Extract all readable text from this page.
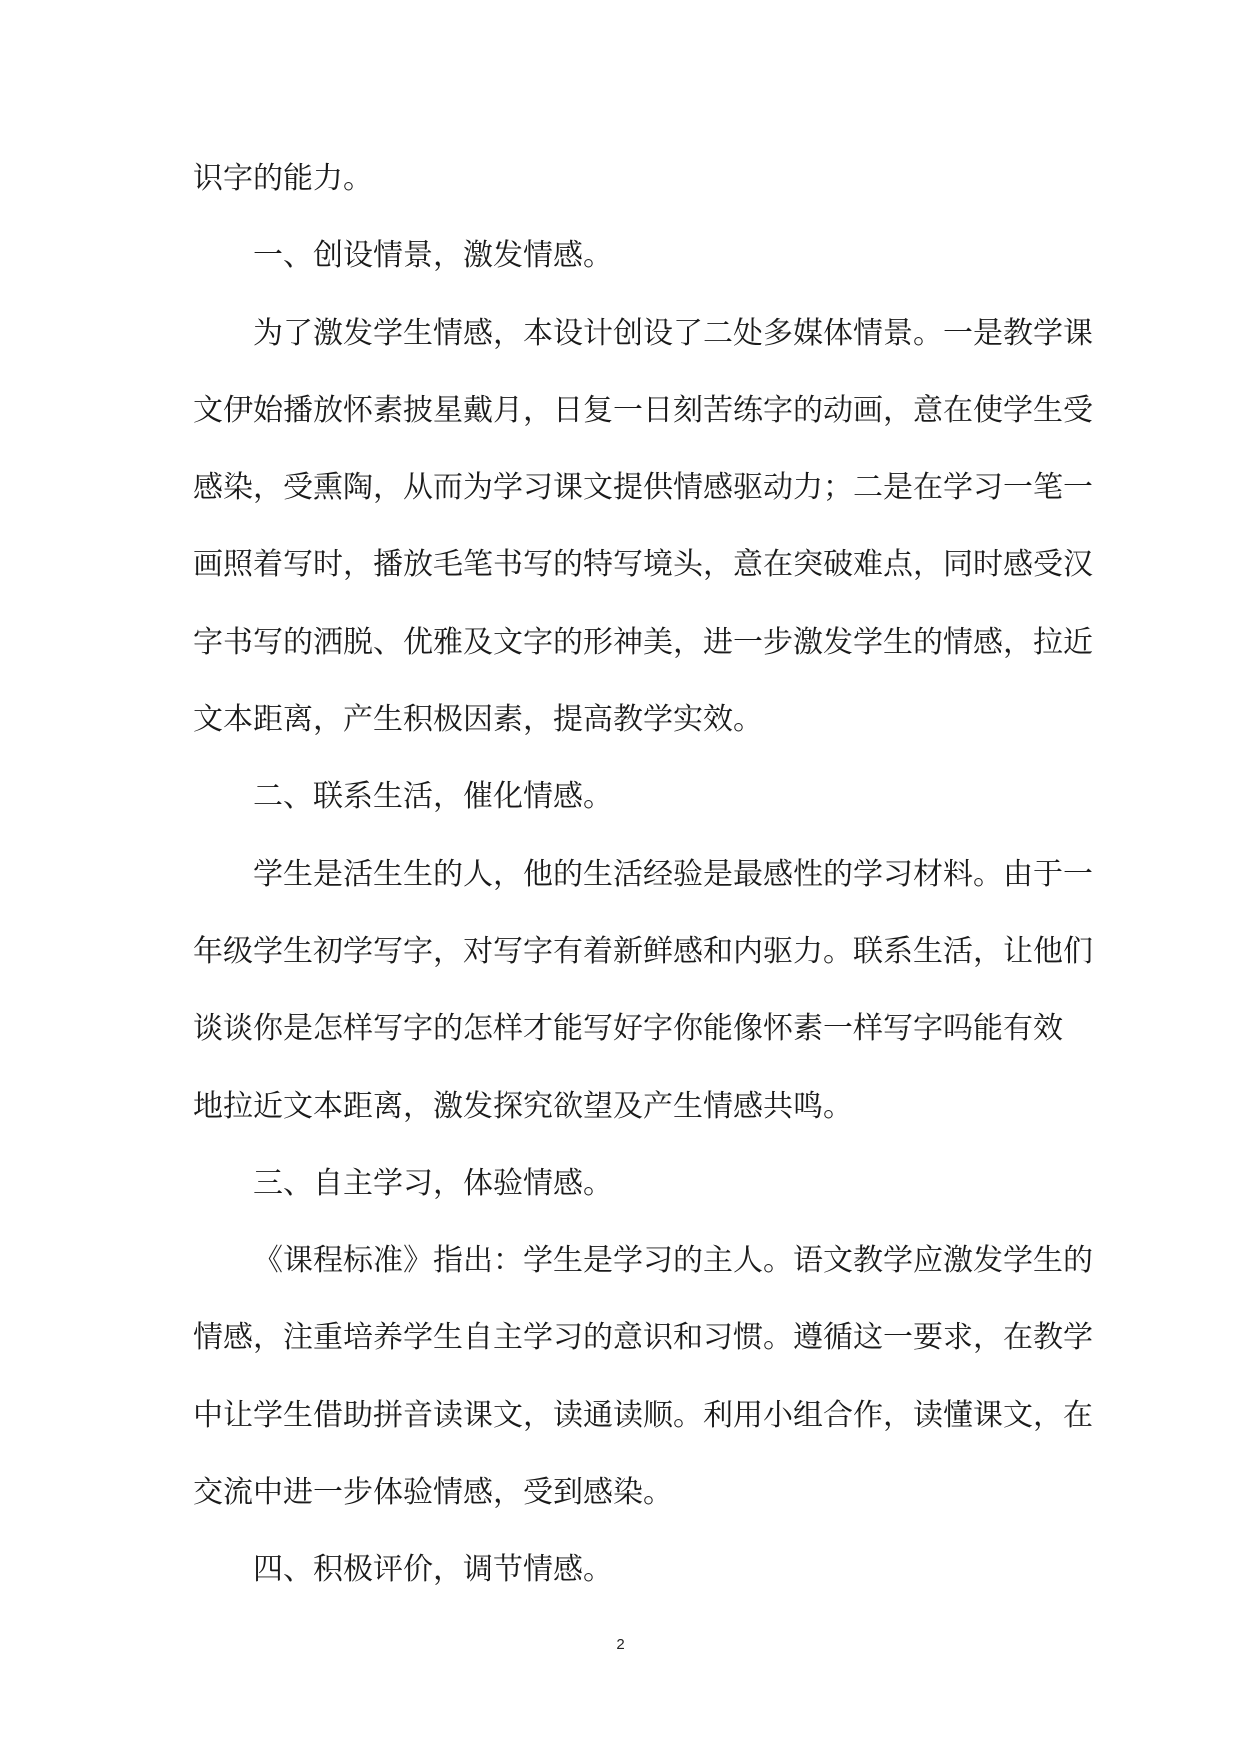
识字的能力。
一、创设情景，激发情感。
为了激发学生情感，本设计创设了二处多媒体情景。一是教学课
文伊始播放怀素披星戴月，日复一日刻苦练字的动画，意在使学生受
感染，受熏陶，从而为学习课文提供情感驱动力；二是在学习一笔一
画照着写时，播放毛笔书写的特写境头，意在突破难点，同时感受汉
字书写的洒脱、优雅及文字的形神美，进一步激发学生的情感，拉近
文本距离，产生积极因素，提高教学实效。
二、联系生活，催化情感。
学生是活生生的人，他的生活经验是最感性的学习材料。由于一
年级学生初学写字，对写字有着新鲜感和内驱力。联系生活，让他们
谈谈你是怎样写字的怎样才能写好字你能像怀素一样写字吗能有效
地拉近文本距离，激发探究欲望及产生情感共鸣。
三、自主学习，体验情感。
《课程标准》指出：学生是学习的主人。语文教学应激发学生的
情感，注重培养学生自主学习的意识和习惯。遵循这一要求，在教学
中让学生借助拼音读课文，读通读顺。利用小组合作，读懂课文，在
交流中进一步体验情感，受到感染。
四、积极评价，调节情感。
2
